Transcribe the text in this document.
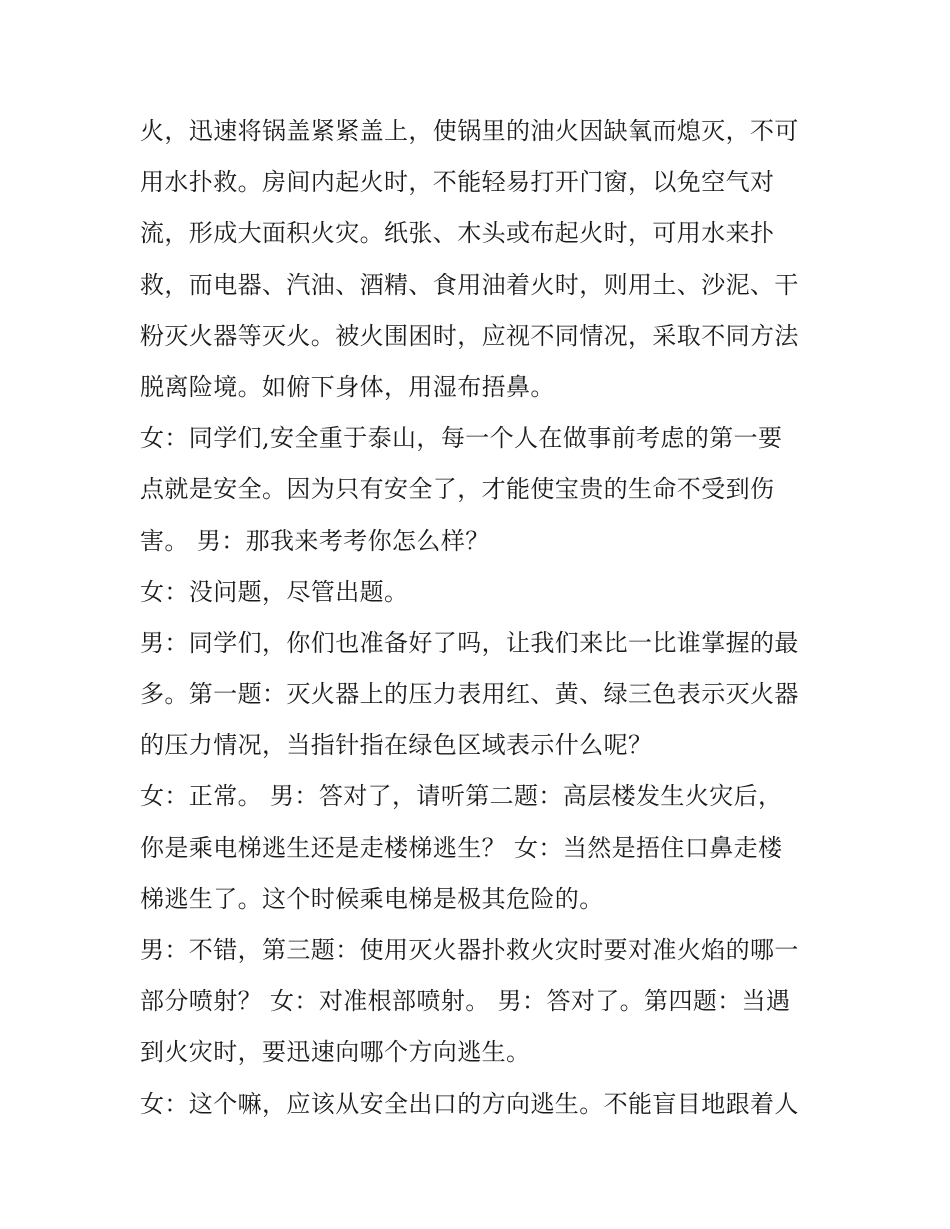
火，迅速将锅盖紧紧盖上，使锅里的油火因缺氧而熄灭，不可
用水扑救。房间内起火时，不能轻易打开门窗，以免空气对
流，形成大面积火灾。纸张、木头或布起火时，可用水来扑
救，而电器、汽油、酒精、食用油着火时，则用土、沙泥、干
粉灭火器等灭火。被火围困时，应视不同情况，采取不同方法
脱离险境。如俯下身体，用湿布捂鼻。
女：同学们,安全重于泰山，每一个人在做事前考虑的第一要
点就是安全。因为只有安全了，才能使宝贵的生命不受到伤
害。 男：那我来考考你怎么样？
女：没问题，尽管出题。
男：同学们，你们也准备好了吗，让我们来比一比谁掌握的最
多。第一题：灭火器上的压力表用红、黄、绿三色表示灭火器
的压力情况，当指针指在绿色区域表示什么呢？
女：正常。 男：答对了，请听第二题：高层楼发生火灾后，
你是乘电梯逃生还是走楼梯逃生？ 女：当然是捂住口鼻走楼
梯逃生了。这个时候乘电梯是极其危险的。
男：不错，第三题：使用灭火器扑救火灾时要对准火焰的哪一
部分喷射？ 女：对准根部喷射。 男：答对了。第四题：当遇
到火灾时，要迅速向哪个方向逃生。
女：这个嘛，应该从安全出口的方向逃生。不能盲目地跟着人
